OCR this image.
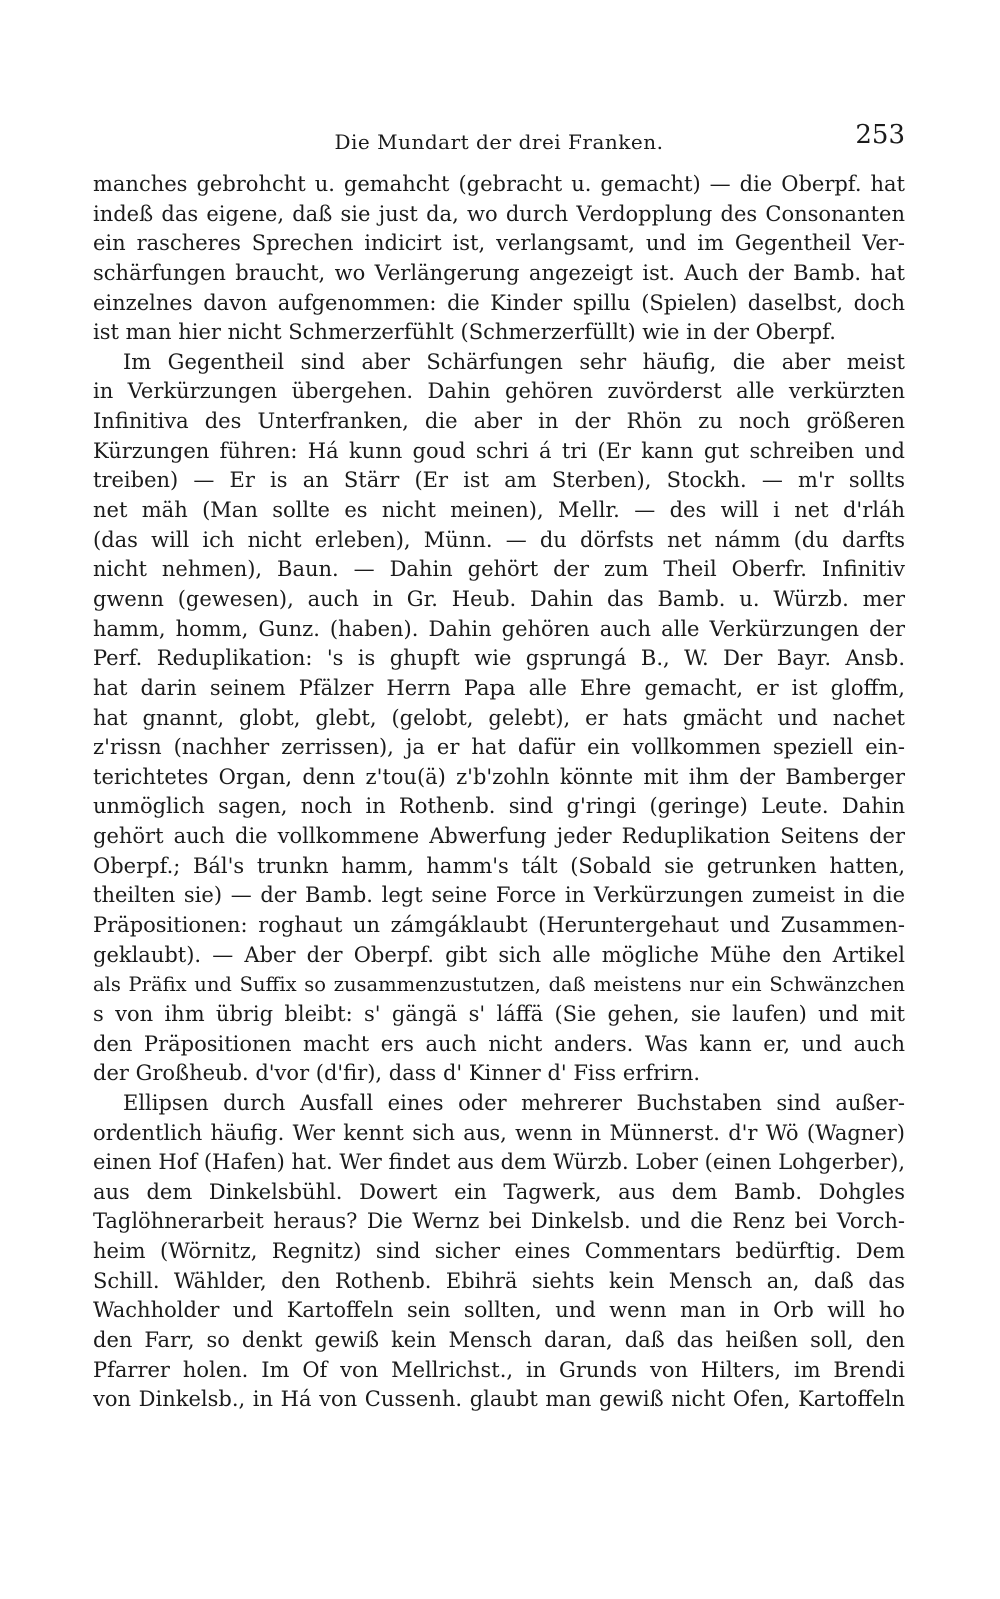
Die Mundart der drei Franken.	253
manches gebrohcht u. gemahcht (gebracht u. gemacht) — die Oberpf. hat
indeß das eigene, daß sie just da, wo durch Verdopplung des Consonanten
ein rascheres Sprechen indicirt ist, verlangsamt, und im Gegentheil Ver-
schärfungen braucht, wo Verlängerung angezeigt ist. Auch der Bamb. hat
einzelnes davon aufgenommen: die Kinder spillu (Spielen) daselbst, doch
ist man hier nicht Schmerzerfühlt (Schmerzerfüllt) wie in der Oberpf.
Im Gegentheil sind aber Schärfungen sehr häufig, die aber meist
in Verkürzungen übergehen. Dahin gehören zuvörderst alle verkürzten
Infinitiva des Unterfranken, die aber in der Rhön zu noch größeren
Kürzungen führen: Há kunn goud schri á tri (Er kann gut schreiben und
treiben) — Er is an Stärr (Er ist am Sterben), Stockh. — m'r sollts
net mäh (Man sollte es nicht meinen), Mellr. — des will i net d'rláh
(das will ich nicht erleben), Münn. — du dörfsts net námm (du darfts
nicht nehmen), Baun. — Dahin gehört der zum Theil Oberfr. Infinitiv
gwenn (gewesen), auch in Gr. Heub. Dahin das Bamb. u. Würzb. mer
hamm, homm, Gunz. (haben). Dahin gehören auch alle Verkürzungen der
Perf. Reduplikation: 's is ghupft wie gsprungá B., W. Der Bayr. Ansb.
hat darin seinem Pfälzer Herrn Papa alle Ehre gemacht, er ist gloffm,
hat gnannt, globt, glebt, (gelobt, gelebt), er hats gmächt und nachet
z'rissn (nachher zerrissen), ja er hat dafür ein vollkommen speziell ein-
terichtetes Organ, denn z'tou(ä) z'b'zohln könnte mit ihm der Bamberger
unmöglich sagen, noch in Rothenb. sind g'ringi (geringe) Leute. Dahin
gehört auch die vollkommene Abwerfung jeder Reduplikation Seitens der
Oberpf.; Bál's trunkn hamm, hamm's tált (Sobald sie getrunken hatten,
theilten sie) — der Bamb. legt seine Force in Verkürzungen zumeist in die
Präpositionen: roghaut un zámgáklaubt (Heruntergehaut und Zusammen-
geklaubt). — Aber der Oberpf. gibt sich alle mögliche Mühe den Artikel
als Präfix und Suffix so zusammenzustutzen, daß meistens nur ein Schwänzchen
s von ihm übrig bleibt: s' gängä s' láffä (Sie gehen, sie laufen) und mit
den Präpositionen macht ers auch nicht anders. Was kann er, und auch
der Großheub. d'vor (d'fir), dass d' Kinner d' Fiss erfrirn.
Ellipsen durch Ausfall eines oder mehrerer Buchstaben sind außer-
ordentlich häufig. Wer kennt sich aus, wenn in Münnerst. d'r Wö (Wagner)
einen Hof (Hafen) hat. Wer findet aus dem Würzb. Lober (einen Lohgerber),
aus dem Dinkelsbühl. Dowert ein Tagwerk, aus dem Bamb. Dohgles
Taglöhnerarbeit heraus? Die Wernz bei Dinkelsb. und die Renz bei Vorch-
heim (Wörnitz, Regnitz) sind sicher eines Commentars bedürftig. Dem
Schill. Wählder, den Rothenb. Ebihrä siehts kein Mensch an, daß das
Wachholder und Kartoffeln sein sollten, und wenn man in Orb will ho
den Farr, so denkt gewiß kein Mensch daran, daß das heißen soll, den
Pfarrer holen. Im Of von Mellrichst., in Grunds von Hilters, im Brendi
von Dinkelsb., in Há von Cussenh. glaubt man gewiß nicht Ofen, Kartoffeln
